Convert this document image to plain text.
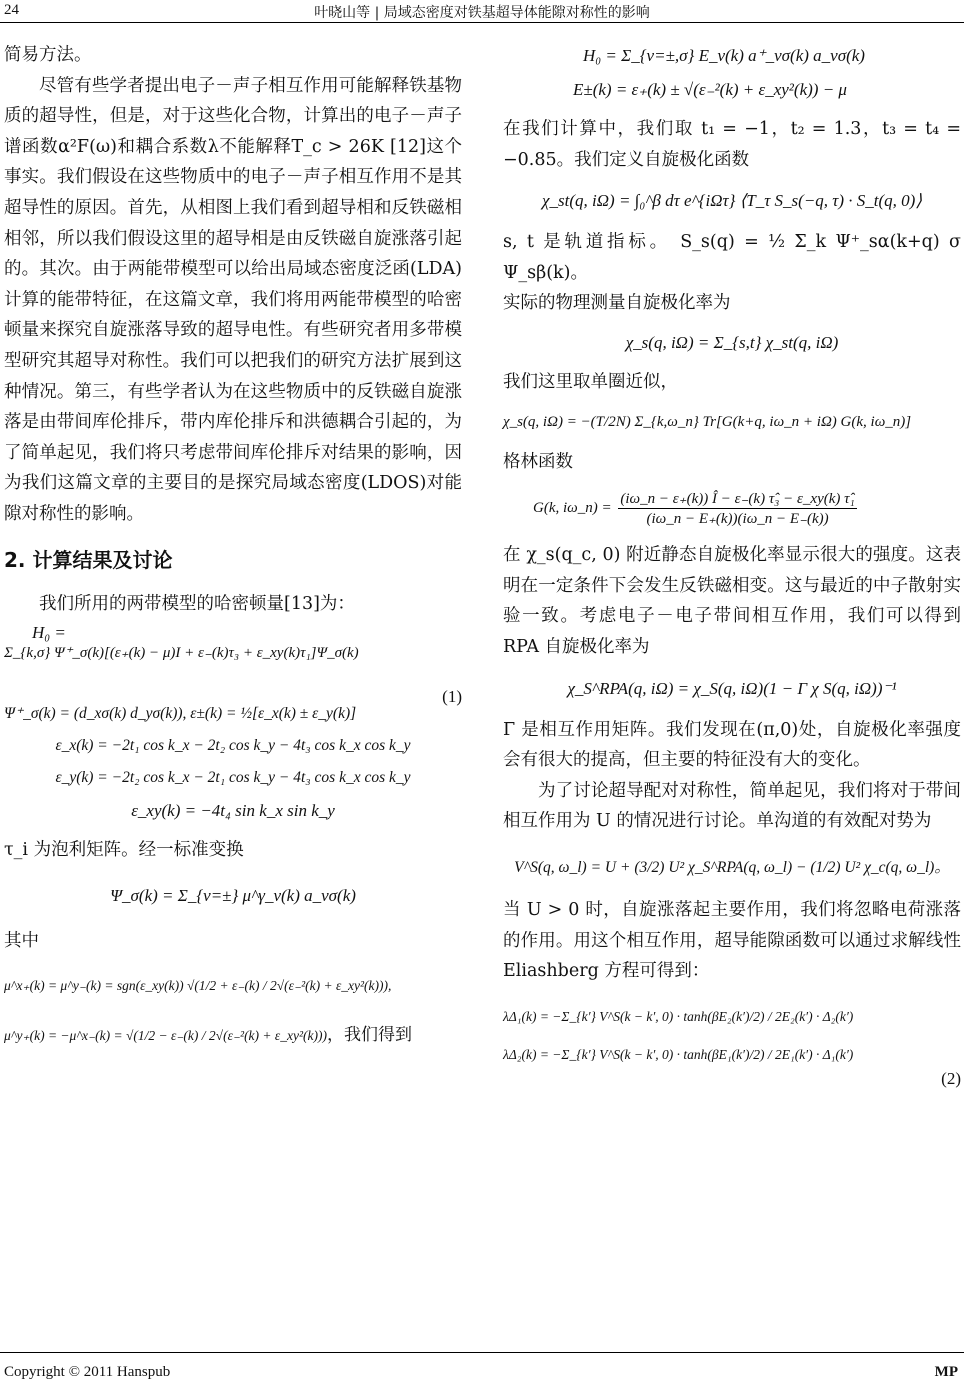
24	叶晓山等 | 局域态密度对铁基超导体能隙对称性的影响

简易方法。

尽管有些学者提出电子－声子相互作用可能解释铁基物质的超导性，但是，对于这些化合物，计算出的电子－声子谱函数α²F(ω)和耦合系数λ不能解释T_c > 26K [12]这个事实。我们假设在这些物质中的电子－声子相互作用不是其超导性的原因。首先，从相图上我们看到超导相和反铁磁相相邻，所以我们假设这里的超导相是由反铁磁自旋涨落引起的。其次。由于两能带模型可以给出局域态密度泛函(LDA)计算的能带特征，在这篇文章，我们将用两能带模型的哈密顿量来探究自旋涨落导致的超导电性。有些研究者用多带模型研究其超导对称性。我们可以把我们的研究方法扩展到这种情况。第三，有些学者认为在这些物质中的反铁磁自旋涨落是由带间库伦排斥，带内库伦排斥和洪德耦合引起的，为了简单起见，我们将只考虑带间库伦排斥对结果的影响，因为我们这篇文章的主要目的是探究局域态密度(LDOS)对能隙对称性的影响。

2. 计算结果及讨论

我们所用的两带模型的哈密顿量[13]为：

H₀ =
Σ_{k,σ} Ψ⁺_σ(k)[(ε₊(k) − μ)I + ε₋(k)τ₃ + ε_xy(k)τ₁]Ψ_σ(k)
(1)
Ψ⁺_σ(k) = (d_xσ(k) d_yσ(k)), ε±(k) = ½[ε_x(k) ± ε_y(k)]
ε_x(k) = −2t₁ cos k_x − 2t₂ cos k_y − 4t₃ cos k_x cos k_y
ε_y(k) = −2t₂ cos k_x − 2t₁ cos k_y − 4t₃ cos k_x cos k_y
ε_xy(k) = −4t₄ sin k_x sin k_y

τ_i 为泡利矩阵。经一标准变换

Ψ_σ(k) = Σ_{ν=±} μ^γ_ν(k) a_νσ(k)

其中

μ^x₊(k) = μ^y₋(k) = sgn(ε_xy(k)) √(1/2 + ε₋(k) / 2√(ε₋²(k) + ε_xy²(k))),
μ^y₊(k) = −μ^x₋(k) = √(1/2 − ε₋(k) / 2√(ε₋²(k) + ε_xy²(k)))，我们得到
H₀ = Σ_{ν=±,σ} E_ν(k) a⁺_νσ(k) a_νσ(k)
E±(k) = ε₊(k) ± √(ε₋²(k) + ε_xy²(k)) − μ

在我们计算中，我们取 t₁ = −1，t₂ = 1.3，t₃ = t₄ = −0.85。我们定义自旋极化函数

χ_st(q, iΩ) = ∫₀^β dτ e^{iΩτ} ⟨T_τ S_s(−q, τ) · S_t(q, 0)⟩

s, t 是轨道指标。 S_s(q) = ½ Σ_k Ψ⁺_sα(k+q) σ Ψ_sβ(k)。

实际的物理测量自旋极化率为

χ_s(q, iΩ) = Σ_{s,t} χ_st(q, iΩ)

我们这里取单圈近似，

χ_s(q, iΩ) = −(T/2N) Σ_{k,ω_n} Tr[G(k+q, iω_n + iΩ) G(k, iω_n)]

格林函数

G(k, iω_n) = $\frac{\text{(iω\_n − ε₊(k)) Î − ε₋(k) τ̂₃ − ε\_xy(k) τ̂₁}}{(i\omega\_n - E_+(k))(i\omega\_n - E_-(k))}$

在 χ_s(q_c, 0) 附近静态自旋极化率显示很大的强度。这表明在一定条件下会发生反铁磁相变。这与最近的中子散射实验一致。考虑电子－电子带间相互作用，我们可以得到 RPA 自旋极化率为

χ_S^RPA(q, iΩ) = χ_S(q, iΩ)(1 − Γ χ S(q, iΩ))⁻¹

Γ 是相互作用矩阵。我们发现在(π,0)处，自旋极化率强度会有很大的提高，但主要的特征没有大的变化。

为了讨论超导配对对称性，简单起见，我们将对于带间相互作用为 U 的情况进行讨论。单沟道的有效配对势为

V^S(q, ω_l) = U + (3/2) U² χ_S^RPA(q, ω_l) − (1/2) U² χ_c(q, ω_l)。

当 U > 0 时，自旋涨落起主要作用，我们将忽略电荷涨落的作用。用这个相互作用，超导能隙函数可以通过求解线性 Eliashberg 方程可得到：

λΔ₁(k) = −Σ_{k′} V^S(k − k′, 0) · tanh(βE₂(k′)/2) / 2E₂(k′) · Δ₂(k′)
λΔ₂(k) = −Σ_{k′} V^S(k − k′, 0) · tanh(βE₁(k′)/2) / 2E₁(k′) · Δ₁(k′)
(2)
Copyright © 2011 Hanspub	MP
